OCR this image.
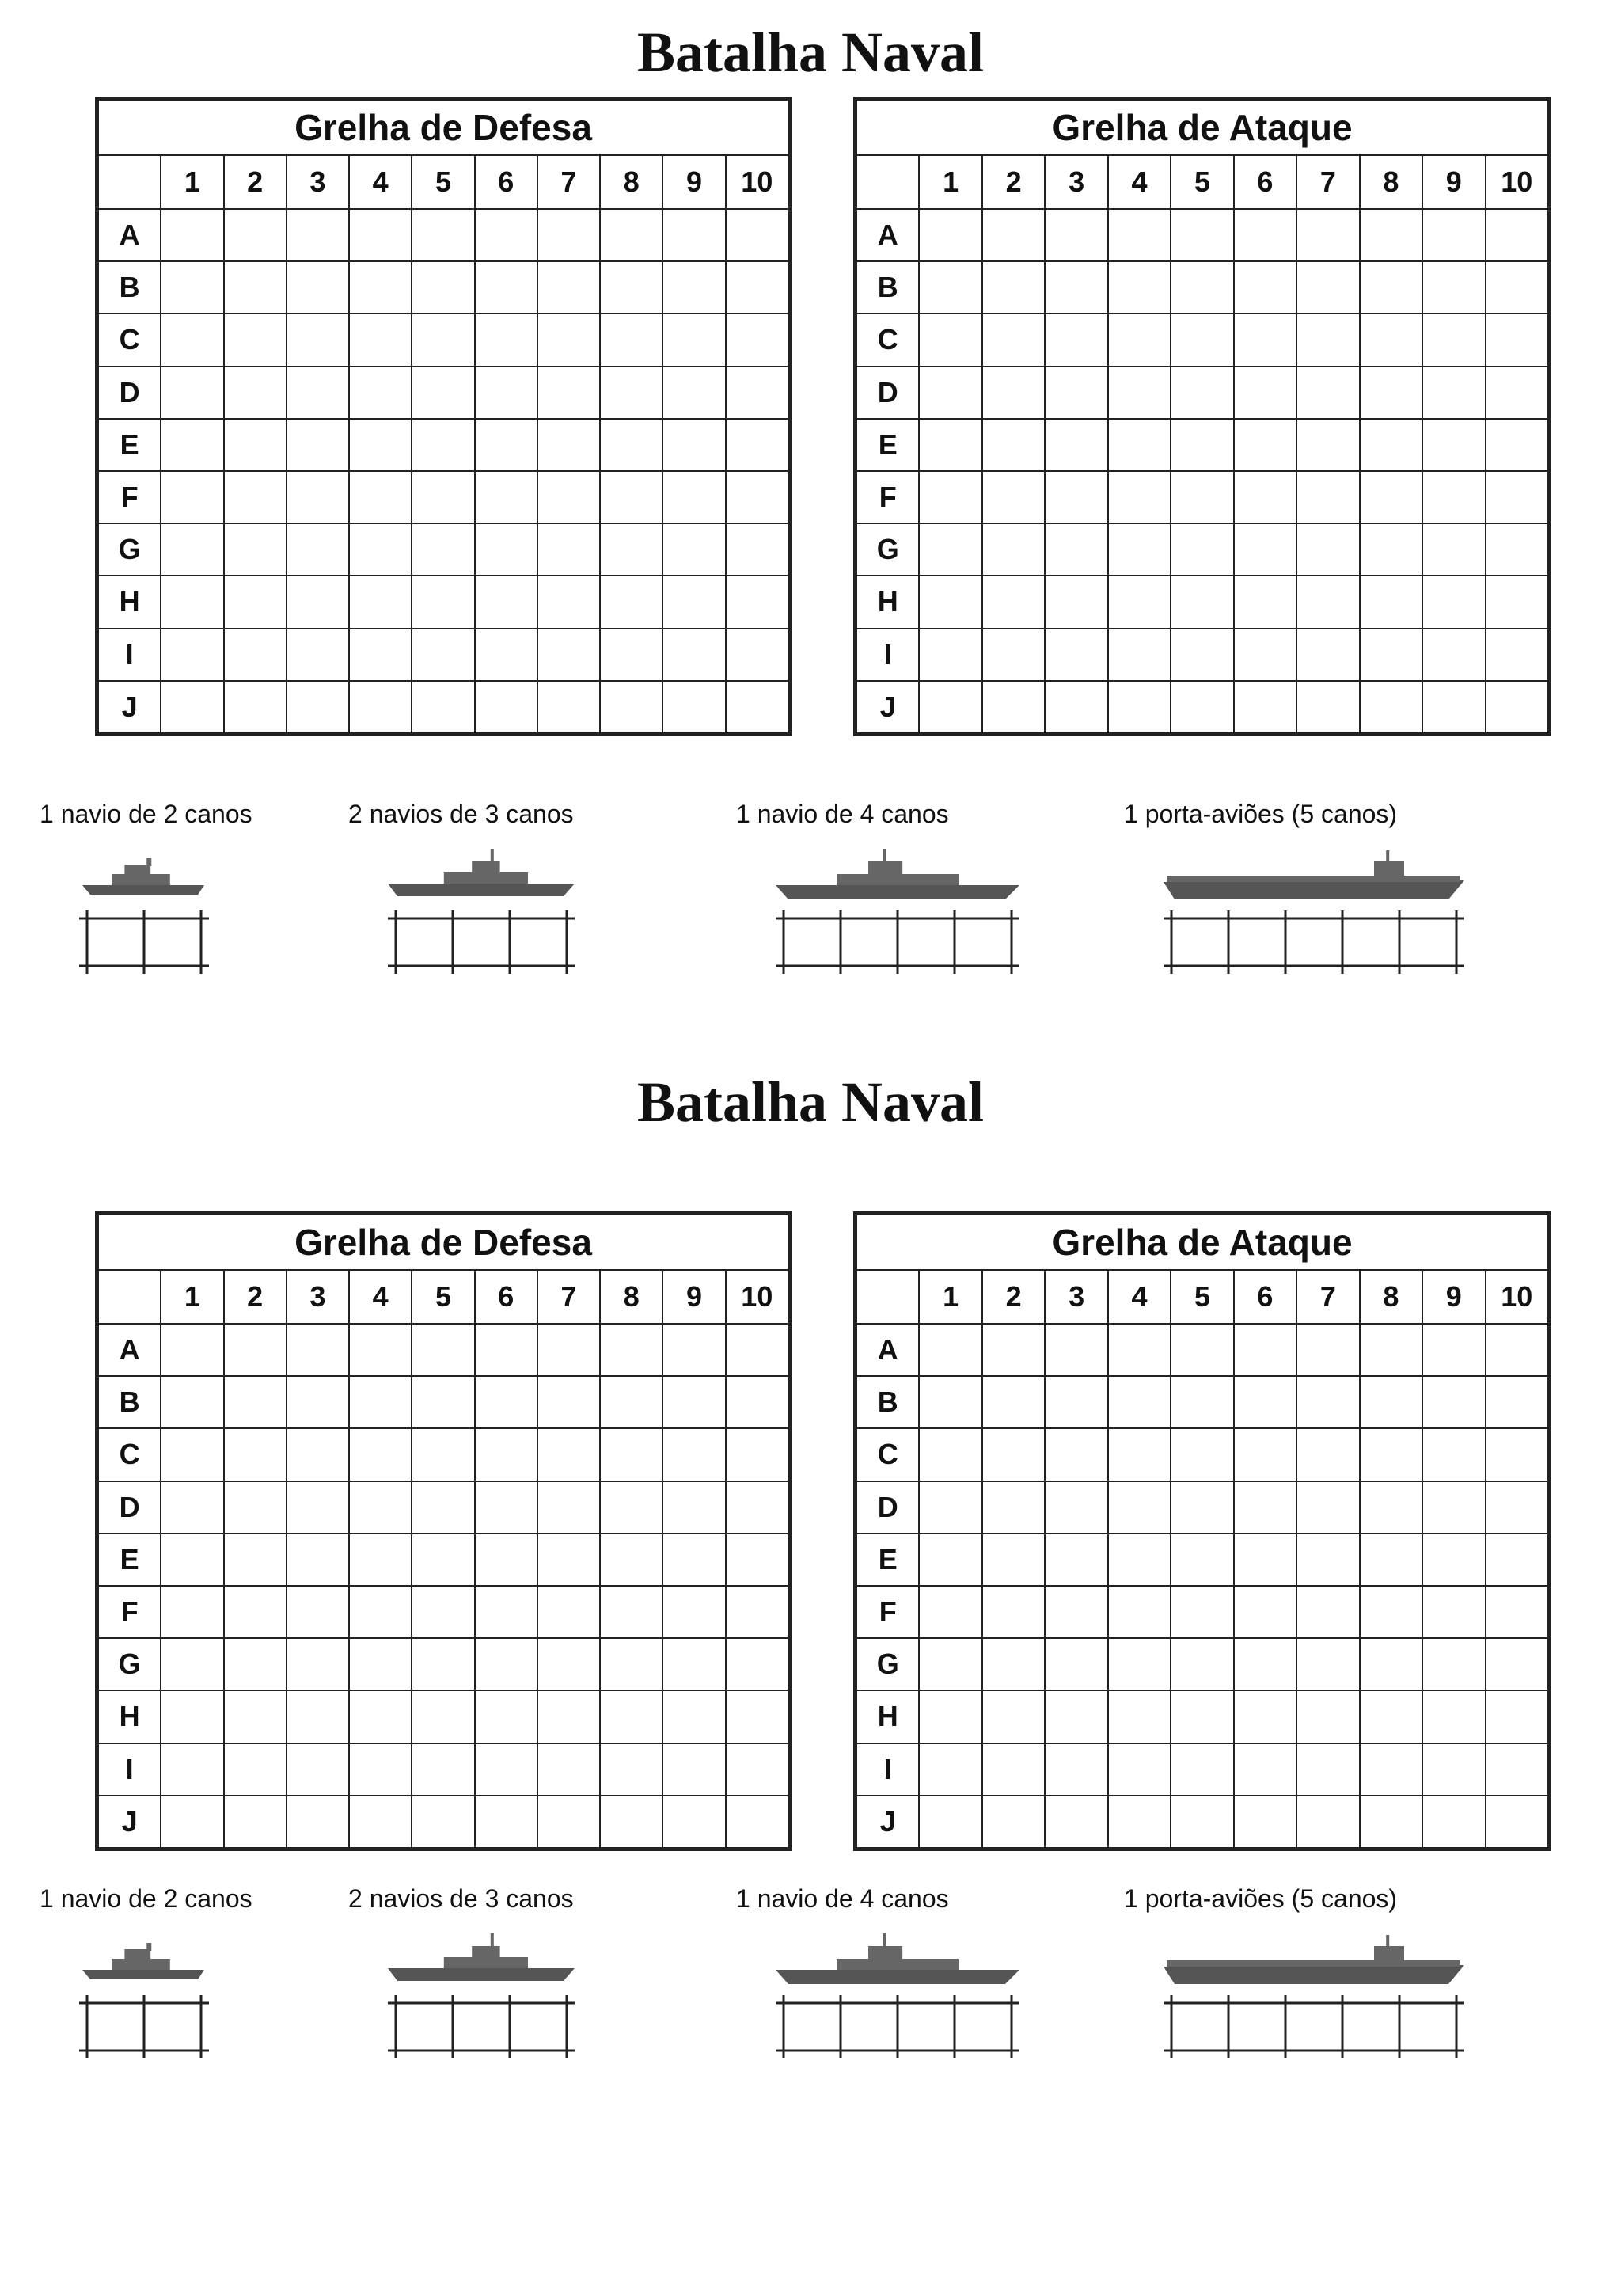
Batalha Naval
Grelha de Defesa										
	1	2	3	4	5	6	7	8	9	10
A										
B										
C										
D										
E										
F										
G										
H										
I										
J										
Grelha de Ataque										
	1	2	3	4	5	6	7	8	9	10
A										
B										
C										
D										
E										
F										
G										
H										
I										
J										
1 navio de 2 canos	2 navios de 3 canos	1 navio de 4 canos	1 porta-aviões (5 canos)
Batalha Naval
Grelha de Defesa										
	1	2	3	4	5	6	7	8	9	10
A										
B										
C										
D										
E										
F										
G										
H										
I										
J										
Grelha de Ataque										
	1	2	3	4	5	6	7	8	9	10
A										
B										
C										
D										
E										
F										
G										
H										
I										
J										
1 navio de 2 canos	2 navios de 3 canos	1 navio de 4 canos	1 porta-aviões (5 canos)
